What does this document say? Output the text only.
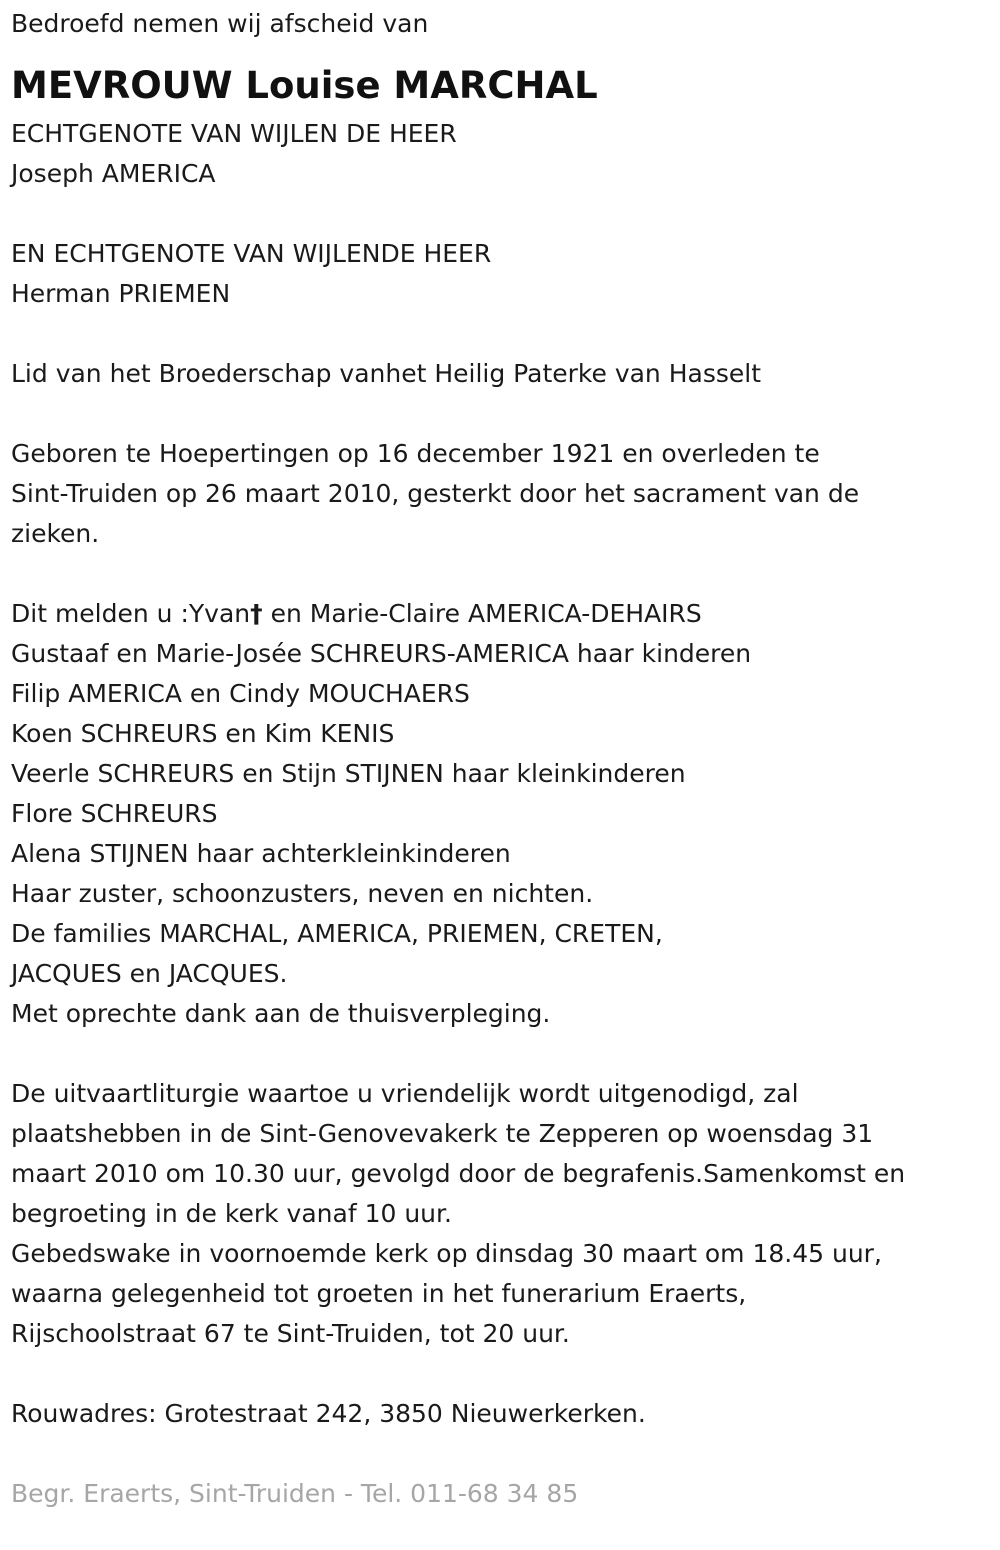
Bedroefd nemen wij afscheid van
MEVROUW Louise MARCHAL
ECHTGENOTE VAN WIJLEN DE HEER
Joseph AMERICA
EN ECHTGENOTE VAN WIJLENDE HEER
Herman PRIEMEN
Lid van het Broederschap vanhet Heilig Paterke van Hasselt
Geboren te Hoepertingen op 16 december 1921 en overleden te
Sint-Truiden op 26 maart 2010, gesterkt door het sacrament van de
zieken.
Dit melden u :Yvan† en Marie-Claire AMERICA-DEHAIRS
Gustaaf en Marie-Josée SCHREURS-AMERICA haar kinderen
Filip AMERICA en Cindy MOUCHAERS
Koen SCHREURS en Kim KENIS
Veerle SCHREURS en Stijn STIJNEN haar kleinkinderen
Flore SCHREURS
Alena STIJNEN haar achterkleinkinderen
Haar zuster, schoonzusters, neven en nichten.
De families MARCHAL, AMERICA, PRIEMEN, CRETEN,
JACQUES en JACQUES.
Met oprechte dank aan de thuisverpleging.
De uitvaartliturgie waartoe u vriendelijk wordt uitgenodigd, zal
plaatshebben in de Sint-Genovevakerk te Zepperen op woensdag 31
maart 2010 om 10.30 uur, gevolgd door de begrafenis.Samenkomst en
begroeting in de kerk vanaf 10 uur.
Gebedswake in voornoemde kerk op dinsdag 30 maart om 18.45 uur,
waarna gelegenheid tot groeten in het funerarium Eraerts,
Rijschoolstraat 67 te Sint-Truiden, tot 20 uur.
Rouwadres: Grotestraat 242, 3850 Nieuwerkerken.
Begr. Eraerts, Sint-Truiden - Tel. 011-68 34 85
